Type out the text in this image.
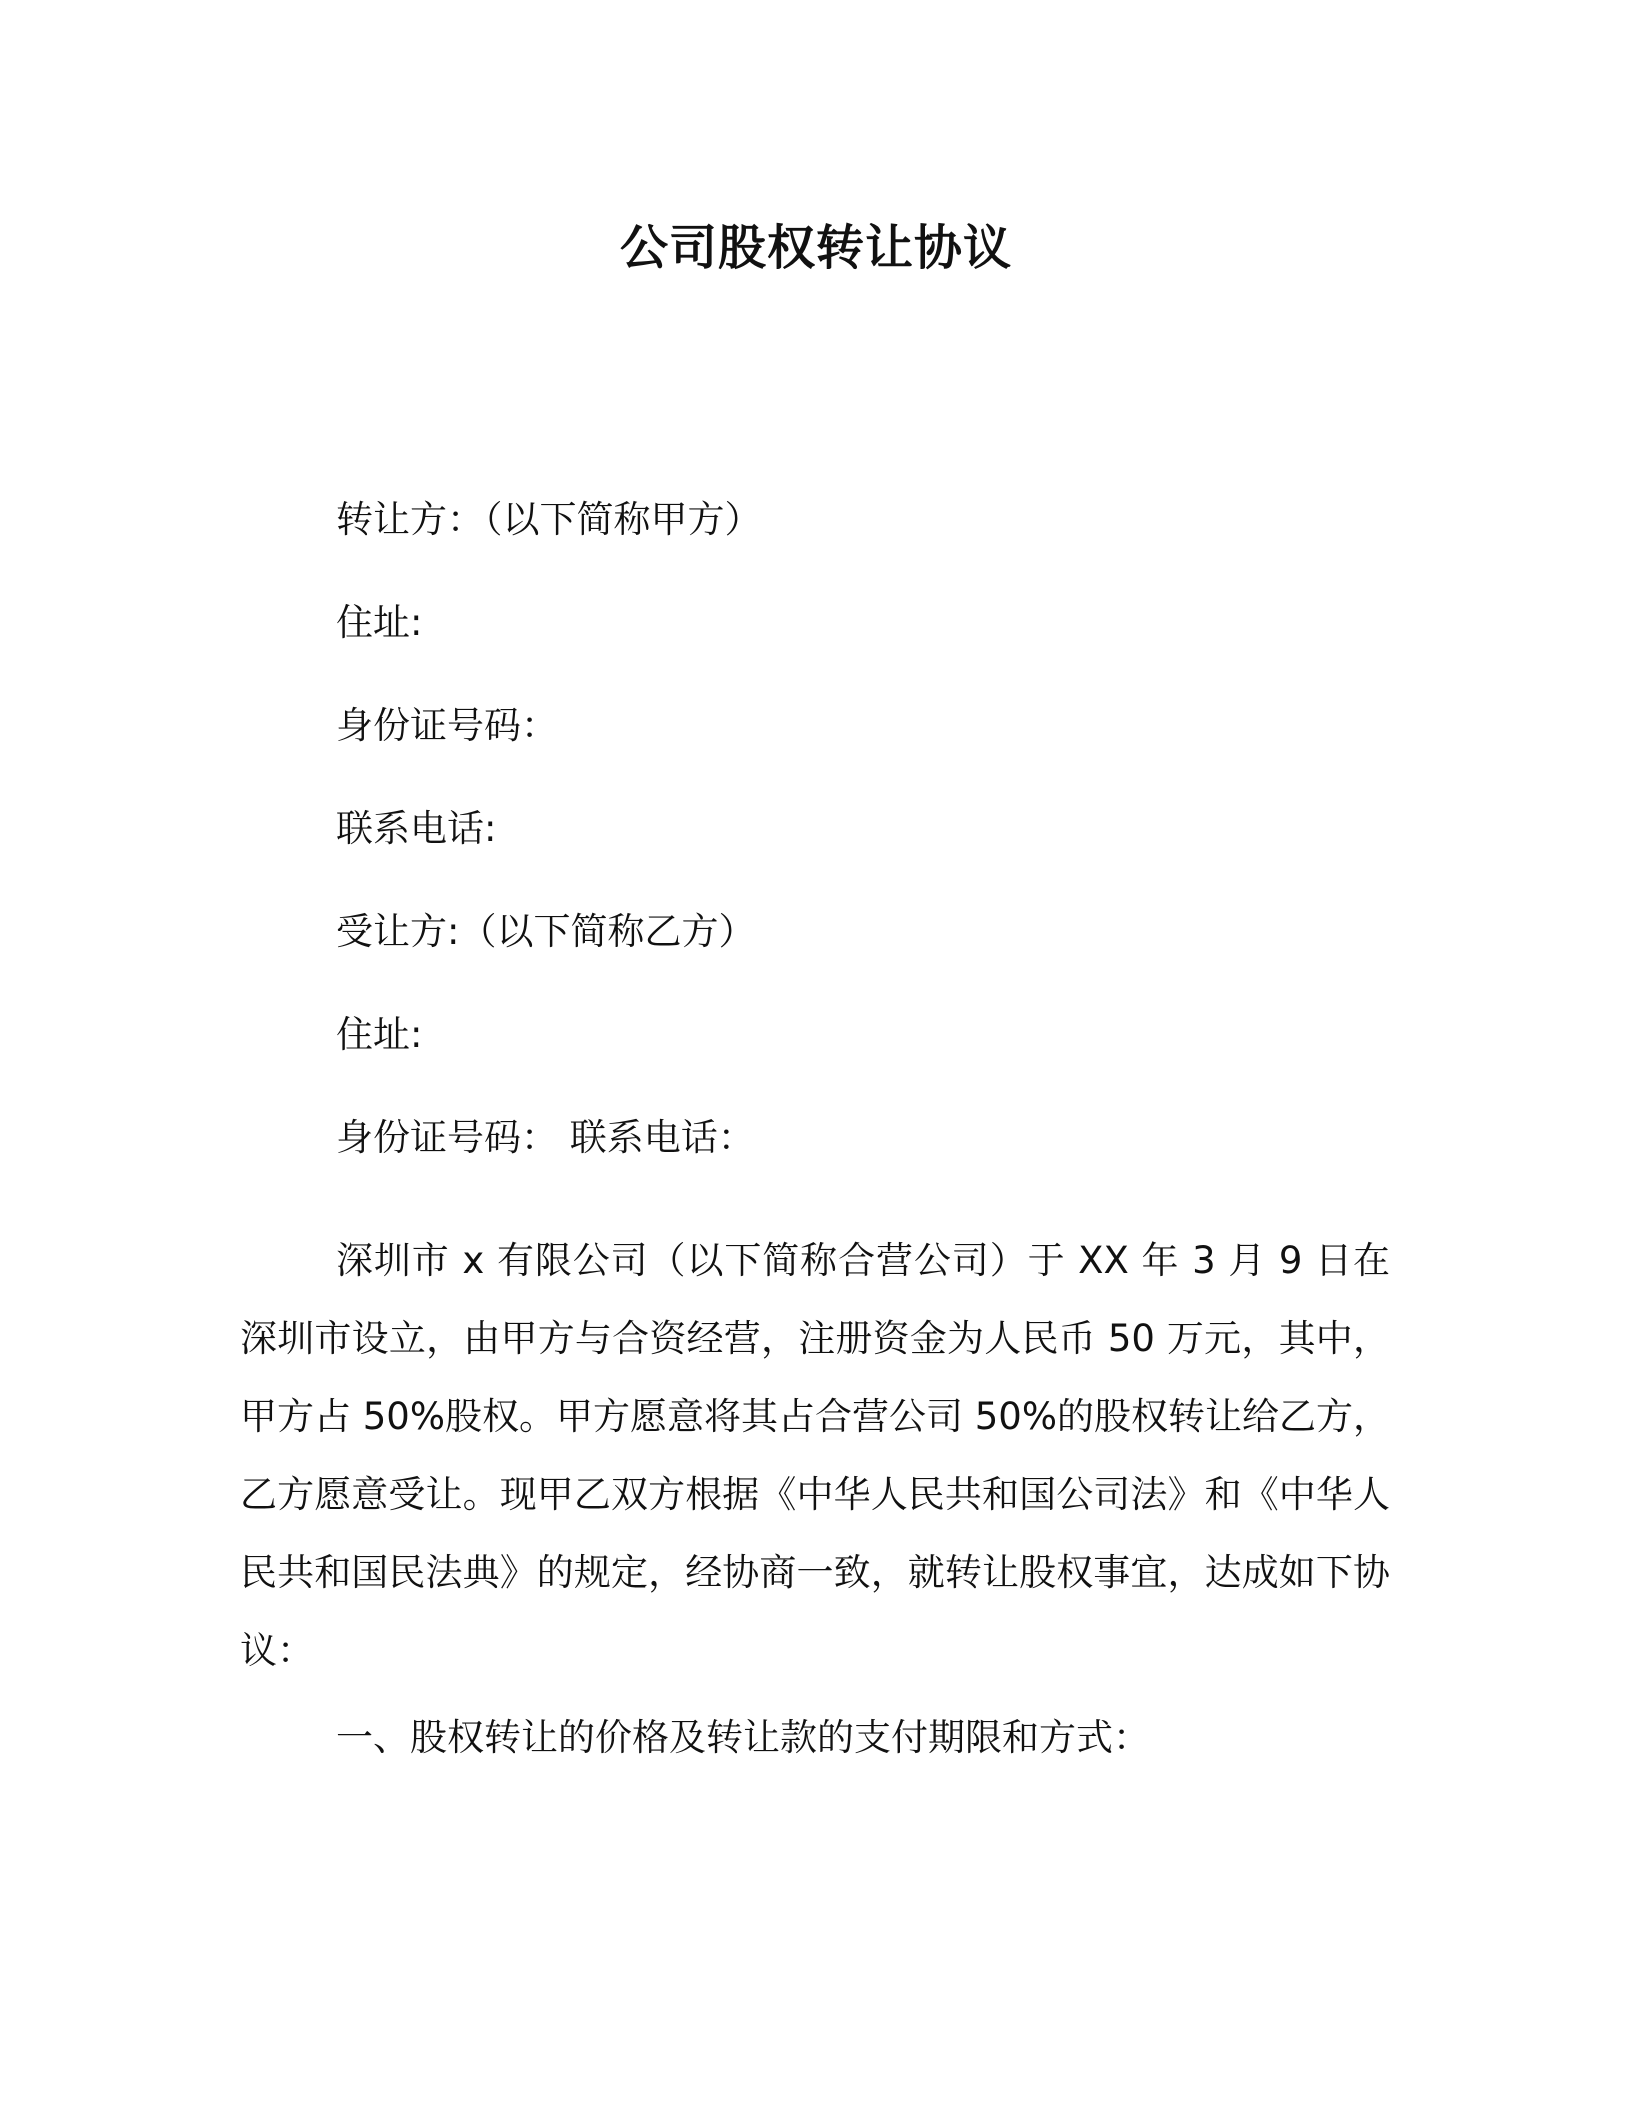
公司股权转让协议
转让方：（以下简称甲方）
住址:
身份证号码：
联系电话:
受让方:（以下简称乙方）
住址:
身份证号码： 联系电话：
深圳市 x 有限公司（以下简称合营公司）于 XX 年 3 月 9 日在深圳市设立，由甲方与合资经营，注册资金为人民币 50 万元，其中，甲方占 50%股权。甲方愿意将其占合营公司 50%的股权转让给乙方，乙方愿意受让。现甲乙双方根据《中华人民共和国公司法》和《中华人民共和国民法典》的规定，经协商一致，就转让股权事宜，达成如下协议：
一、股权转让的价格及转让款的支付期限和方式：
